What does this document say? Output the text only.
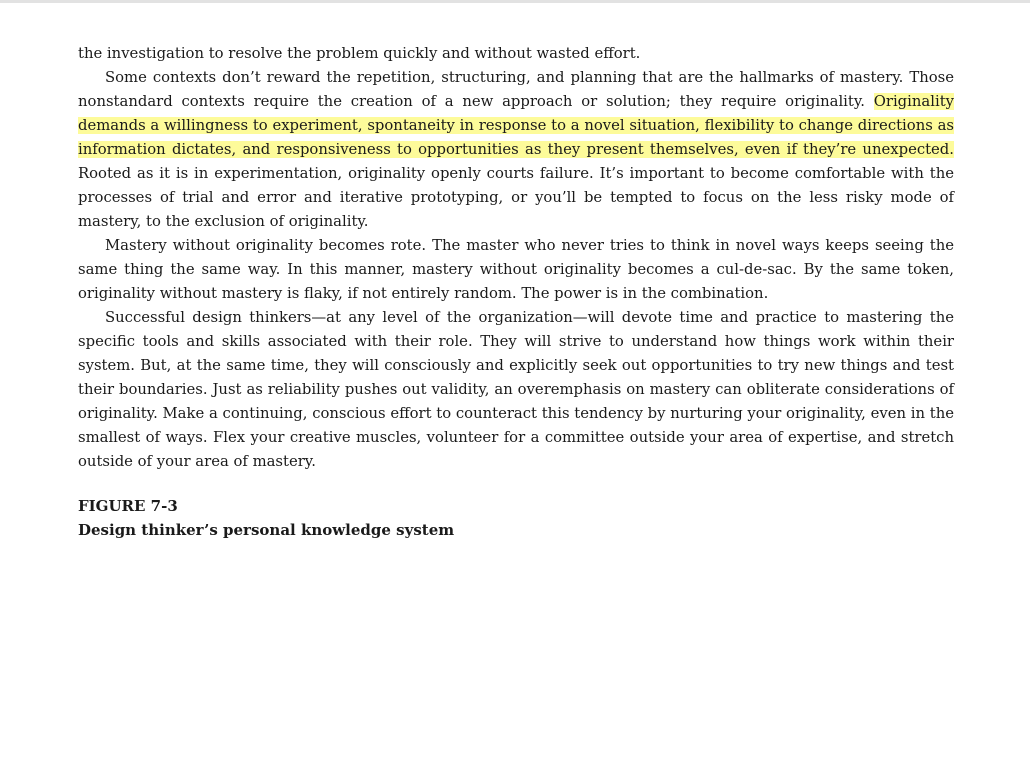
the investigation to resolve the problem quickly and without wasted effort.

Some contexts don’t reward the repetition, structuring, and planning that are the hallmarks of mastery. Those nonstandard contexts require the creation of a new approach or solution; they require originality. Originality demands a willingness to experiment, spontaneity in response to a novel situation, flexibility to change directions as information dictates, and responsiveness to opportunities as they present themselves, even if they’re unexpected. Rooted as it is in experimentation, originality openly courts failure. It’s important to become comfortable with the processes of trial and error and iterative prototyping, or you’ll be tempted to focus on the less risky mode of mastery, to the exclusion of originality.

Mastery without originality becomes rote. The master who never tries to think in novel ways keeps seeing the same thing the same way. In this manner, mastery without originality becomes a cul-de-sac. By the same token, originality without mastery is flaky, if not entirely random. The power is in the combination.

Successful design thinkers—at any level of the organization—will devote time and practice to mastering the specific tools and skills associated with their role. They will strive to understand how things work within their system. But, at the same time, they will consciously and explicitly seek out opportunities to try new things and test their boundaries. Just as reliability pushes out validity, an overemphasis on mastery can obliterate considerations of originality. Make a continuing, conscious effort to counteract this tendency by nurturing your originality, even in the smallest of ways. Flex your creative muscles, volunteer for a committee outside your area of expertise, and stretch outside of your area of mastery.

FIGURE 7-3
Design thinker’s personal knowledge system
